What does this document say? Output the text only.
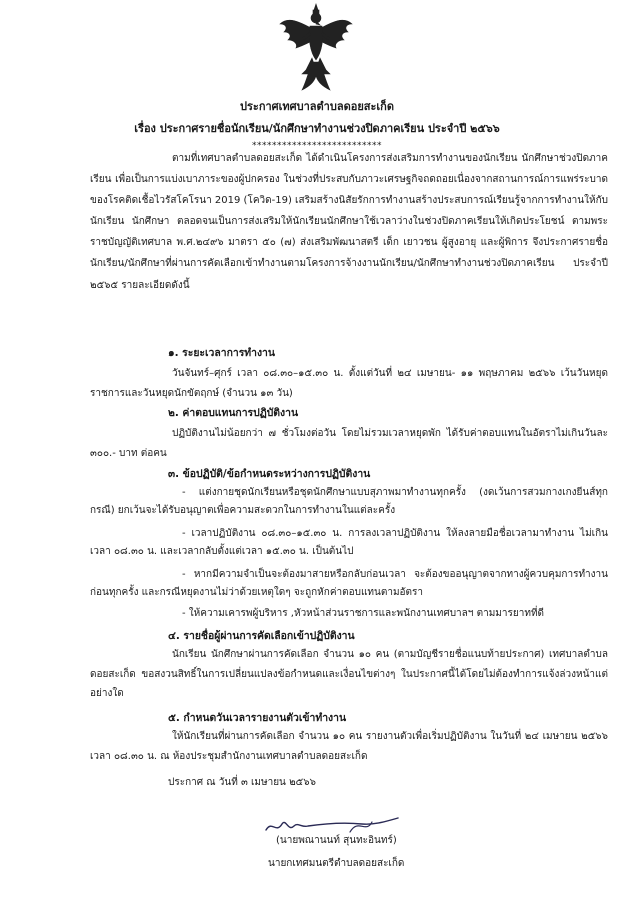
ประกาศเทศบาลตำบลดอยสะเก็ด
เรื่อง ประกาศรายชื่อนักเรียน/นักศึกษาทำงานช่วงปิดภาคเรียน ประจำปี ๒๕๖๖
**************************

ตามที่เทศบาลตำบลดอยสะเก็ด ได้ดำเนินโครงการส่งเสริมการทำงานของนักเรียน นักศึกษาช่วงปิดภาคเรียน เพื่อเป็นการแบ่งเบาภาระของผู้ปกครอง ในช่วงที่ประสบกับภาวะเศรษฐกิจถดถอยเนื่องจากสถานการณ์การแพร่ระบาดของโรคติดเชื้อไวรัสโคโรนา 2019 (โควิด-19) เสริมสร้างนิสัยรักการทำงานสร้างประสบการณ์เรียนรู้จากการทำงานให้กับนักเรียน นักศึกษา ตลอดจนเป็นการส่งเสริมให้นักเรียนนักศึกษาใช้เวลาว่างในช่วงปิดภาคเรียนให้เกิดประโยชน์ ตามพระราชบัญญัติเทศบาล พ.ศ.๒๔๙๖ มาตรา ๕๐ (๗) ส่งเสริมพัฒนาสตรี เด็ก เยาวชน ผู้สูงอายุ และผู้พิการ จึงประกาศรายชื่อนักเรียน/นักศึกษาที่ผ่านการคัดเลือกเข้าทำงานตามโครงการจ้างงานนักเรียน/นักศึกษาทำงานช่วงปิดภาคเรียน ประจำปี ๒๕๖๕ รายละเอียดดังนี้

๑. ระยะเวลาการทำงาน

วันจันทร์–ศุกร์ เวลา ๐๘.๓๐–๑๕.๓๐ น. ตั้งแต่วันที่ ๒๔ เมษายน- ๑๑ พฤษภาคม ๒๕๖๖ เว้นวันหยุดราชการและวันหยุดนักขัตฤกษ์ (จำนวน ๑๓ วัน)

๒. ค่าตอบแทนการปฏิบัติงาน

ปฏิบัติงานไม่น้อยกว่า ๗ ชั่วโมงต่อวัน โดยไม่รวมเวลาหยุดพัก ได้รับค่าตอบแทนในอัตราไม่เกินวันละ ๓๐๐.- บาท ต่อคน

๓. ข้อปฏิบัติ/ข้อกำหนดระหว่างการปฏิบัติงาน

- แต่งกายชุดนักเรียนหรือชุดนักศึกษาแบบสุภาพมาทำงานทุกครั้ง (งดเว้นการสวมกางเกงยีนส์ทุกกรณี) ยกเว้นจะได้รับอนุญาตเพื่อความสะดวกในการทำงานในแต่ละครั้ง

- เวลาปฏิบัติงาน ๐๘.๓๐–๑๕.๓๐ น. การลงเวลาปฏิบัติงาน ให้ลงลายมือชื่อเวลามาทำงาน ไม่เกินเวลา ๐๘.๓๐ น. และเวลากลับตั้งแต่เวลา ๑๕.๓๐ น. เป็นต้นไป

- หากมีความจำเป็นจะต้องมาสายหรือกลับก่อนเวลา จะต้องขออนุญาตจากทางผู้ควบคุมการทำงานก่อนทุกครั้ง และกรณีหยุดงานไม่ว่าด้วยเหตุใดๆ จะถูกหักค่าตอบแทนตามอัตรา

- ให้ความเคารพผู้บริหาร ,หัวหน้าส่วนราชการและพนักงานเทศบาลฯ ตามมารยาทที่ดี

๔. รายชื่อผู้ผ่านการคัดเลือกเข้าปฏิบัติงาน

นักเรียน นักศึกษาผ่านการคัดเลือก จำนวน ๑๐ คน (ตามบัญชีรายชื่อแนบท้ายประกาศ) เทศบาลตำบลดอยสะเก็ด ขอสงวนสิทธิ์ในการเปลี่ยนแปลงข้อกำหนดและเงื่อนไขต่างๆ ในประกาศนี้ได้โดยไม่ต้องทำการแจ้งล่วงหน้าแต่อย่างใด

๕. กำหนดวันเวลารายงานตัวเข้าทำงาน

ให้นักเรียนที่ผ่านการคัดเลือก จำนวน ๑๐ คน รายงานตัวเพื่อเริ่มปฏิบัติงาน ในวันที่ ๒๔ เมษายน ๒๕๖๖ เวลา ๐๘.๓๐ น. ณ ห้องประชุมสำนักงานเทศบาลตำบลดอยสะเก็ด

ประกาศ ณ วันที่ ๓ เมษายน ๒๕๖๖
(นายพณานนท์ สุนทะอินทร์)
นายกเทศมนตรีตำบลดอยสะเก็ด
